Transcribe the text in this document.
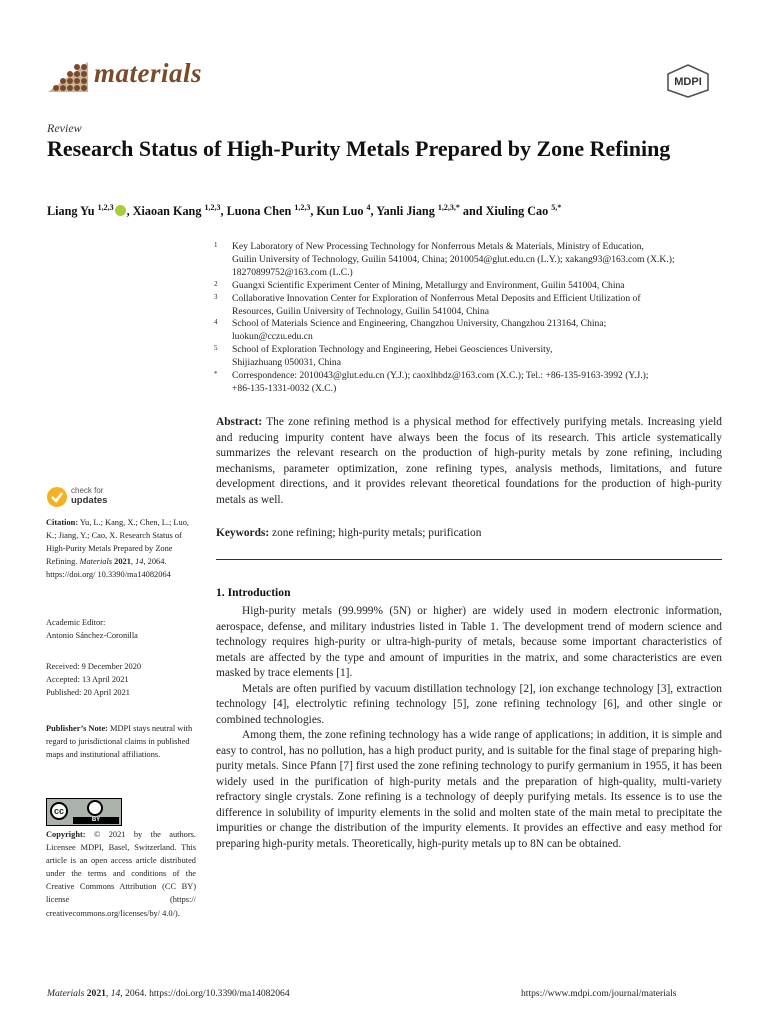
materials	MDPI
Review
Research Status of High-Purity Metals Prepared by Zone Refining
Liang Yu $^{1,2,3}$ , Xiaoan Kang $^{1,2,3}$, Luona Chen $^{1,2,3}$, Kun Luo $^4$, Yanli Jiang $^{1,2,3,*}$ and Xiuling Cao $^{5,*}$
1 Key Laboratory of New Processing Technology for Nonferrous Metals & Materials, Ministry of Education,
Guilin University of Technology, Guilin 541004, China; 2010054@glut.edu.cn (L.Y.); xakang93@163.com (X.K.);
18270899752@163.com (L.C.)
2 Guangxi Scientific Experiment Center of Mining, Metallurgy and Environment, Guilin 541004, China
3 Collaborative Innovation Center for Exploration of Nonferrous Metal Deposits and Efficient Utilization of
Resources, Guilin University of Technology, Guilin 541004, China
4 School of Materials Science and Engineering, Changzhou University, Changzhou 213164, China;
luokun@cczu.edu.cn
5 School of Exploration Technology and Engineering, Hebei Geosciences University,
Shijiazhuang 050031, China
* Correspondence: 2010043@glut.edu.cn (Y.J.); caoxlhbdz@163.com (X.C.); Tel.: +86-135-9163-3992 (Y.J.);
+86-135-1331-0032 (X.C.)
Abstract: The zone refining method is a physical method for effectively purifying metals. Increasing yield and reducing impurity content have always been the focus of its research. This article systematically summarizes the relevant research on the production of high-purity metals by zone refining, including mechanisms, parameter optimization, zone refining types, analysis methods, limitations, and future development directions, and it provides relevant theoretical foundations for the production of high-purity metals as well.
Keywords: zone refining; high-purity metals; purification
1. Introduction

High-purity metals (99.999% (5N) or higher) are widely used in modern electronic information, aerospace, defense, and military industries listed in Table 1. The development trend of modern science and technology requires high-purity or ultra-high-purity of metals, because some important characteristics of metals are affected by the type and amount of impurities in the matrix, and some characteristics are even masked by trace elements [1].

Metals are often purified by vacuum distillation technology [2], ion exchange technology [3], extraction technology [4], electrolytic refining technology [5], zone refining technology [6], and other single or combined technologies.

Among them, the zone refining technology has a wide range of applications; in addition, it is simple and easy to control, has no pollution, has a high product purity, and is suitable for the final stage of preparing high-purity metals. Since Pfann [7] first used the zone refining technology to purify germanium in 1955, it has been widely used in the purification of high-purity metals and the preparation of high-quality, multi-variety refractory single crystals. Zone refining is a technology of deeply purifying metals. Its essence is to use the difference in solubility of impurity elements in the solid and molten state of the main metal to precipitate the impurities or change the distribution of the impurity elements. It provides an effective and easy method for preparing high-purity metals. Theoretically, high-purity metals up to 8N can be obtained.

check for
updates
Citation: Yu, L.; Kang, X.; Chen, L.; Luo, K.; Jiang, Y.; Cao, X. Research Status of High-Purity Metals Prepared by Zone Refining. Materials 2021, 14, 2064. https://doi.org/ 10.3390/ma14082064
Academic Editor:
Antonio Sánchez-Coronilla
Received: 9 December 2020
Accepted: 13 April 2021
Published: 20 April 2021
Publisher’s Note: MDPI stays neutral with regard to jurisdictional claims in published maps and institutional affiliations.
cc
BY
Copyright: © 2021 by the authors. Licensee MDPI, Basel, Switzerland. This article is an open access article distributed under the terms and conditions of the Creative Commons Attribution (CC BY) license (https:// creativecommons.org/licenses/by/ 4.0/).
Materials 2021, 14, 2064. https://doi.org/10.3390/ma14082064	https://www.mdpi.com/journal/materials
